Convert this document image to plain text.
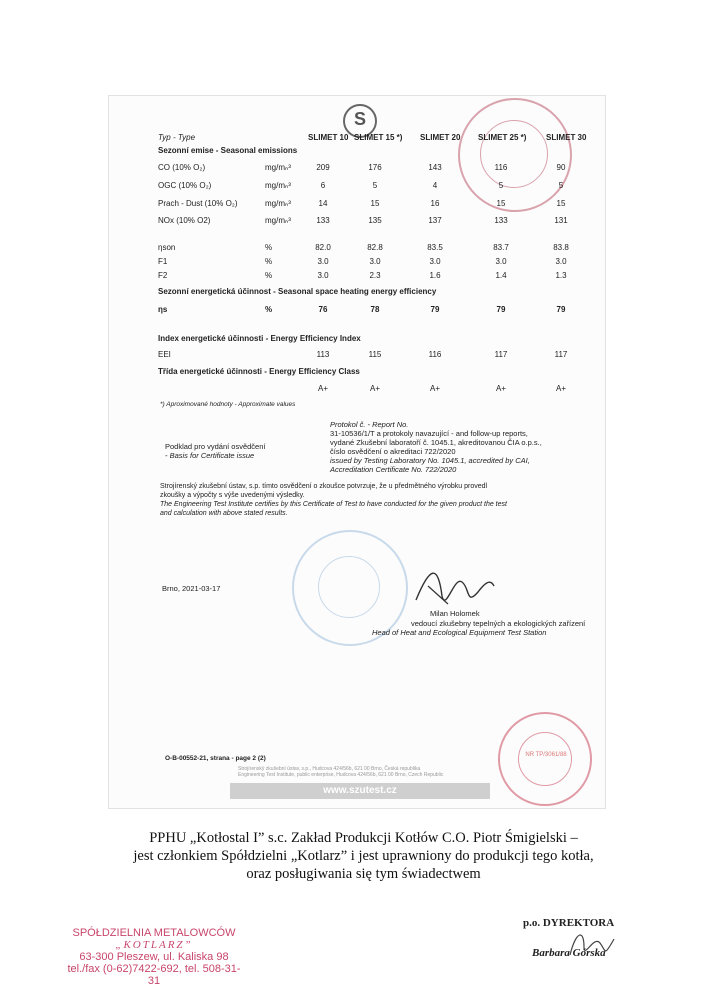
S
Typ - Type	SLIMET 10 SLIMET 15 *) SLIMET 20 SLIMET 25 *) SLIMET 30
Sezonní emise - Seasonal emissions
CO (10% O₂)	mg/mₙ³	209	176	143	116	90
OGC (10% O₂)	mg/mₙ³	6	5	4	5	5
Prach - Dust (10% O₂)	mg/mₙ³	14	15	16	15	15
NOx (10% O2)	mg/mₙ³	133	135	137	133	131
ηson	%	82.0	82.8	83.5	83.7	83.8
F1	%	3.0	3.0	3.0	3.0	3.0
F2	%	3.0	2.3	1.6	1.4	1.3
Sezonní energetická účinnost - Seasonal space heating energy efficiency
ηs	%	76	78	79	79	79
Index energetické účinnosti - Energy Efficiency Index
EEI	113	115	116	117	117
Třída energetické účinnosti - Energy Efficiency Class
A+	A+	A+	A+	A+
*) Aproximované hodnoty - Approximate values
Protokol č. - Report No.
31-10536/1/T a protokoly navazující - and follow-up reports,
vydané Zkušební laboratoří č. 1045.1, akreditovanou ČIA o.p.s.,
číslo osvědčení o akreditaci 722/2020
issued by Testing Laboratory No. 1045.1, accredited by CAI,
Accreditation Certificate No. 722/2020
Podklad pro vydání osvědčení
- Basis for Certificate issue
Strojírenský zkušební ústav, s.p. tímto osvědčení o zkoušce potvrzuje, že u předmětného výrobku provedl
zkoušky a výpočty s výše uvedenými výsledky.
The Engineering Test Institute certifies by this Certificate of Test to have conducted for the given product the test
and calculation with above stated results.
Brno, 2021-03-17
Milan Holomek
vedoucí zkušebny tepelných a ekologických zařízení
Head of Heat and Ecological Equipment Test Station
NR TP/3061/88
O-B-00552-21, strana - page 2 (2)
Strojírenský zkušební ústav, s.p., Hudcova 424/56b, 621 00 Brno, Česká republika
Engineering Test Institute, public enterprise, Hudcova 424/56b, 621 00 Brno, Czech Republic
www.szutest.cz
PPHU „Kotłostal I” s.c. Zakład Produkcji Kotłów C.O. Piotr Śmigielski –
jest członkiem Spółdzielni „Kotlarz” i jest uprawniony do produkcji tego kotła,
oraz posługiwania się tym świadectwem
SPÓŁDZIELNIA METALOWCÓW
„KOTLARZ”
63-300 Pleszew, ul. Kaliska 98
tel./fax (0-62)7422-692, tel. 508-31-31
p.o. DYREKTORA
Barbara Górska
